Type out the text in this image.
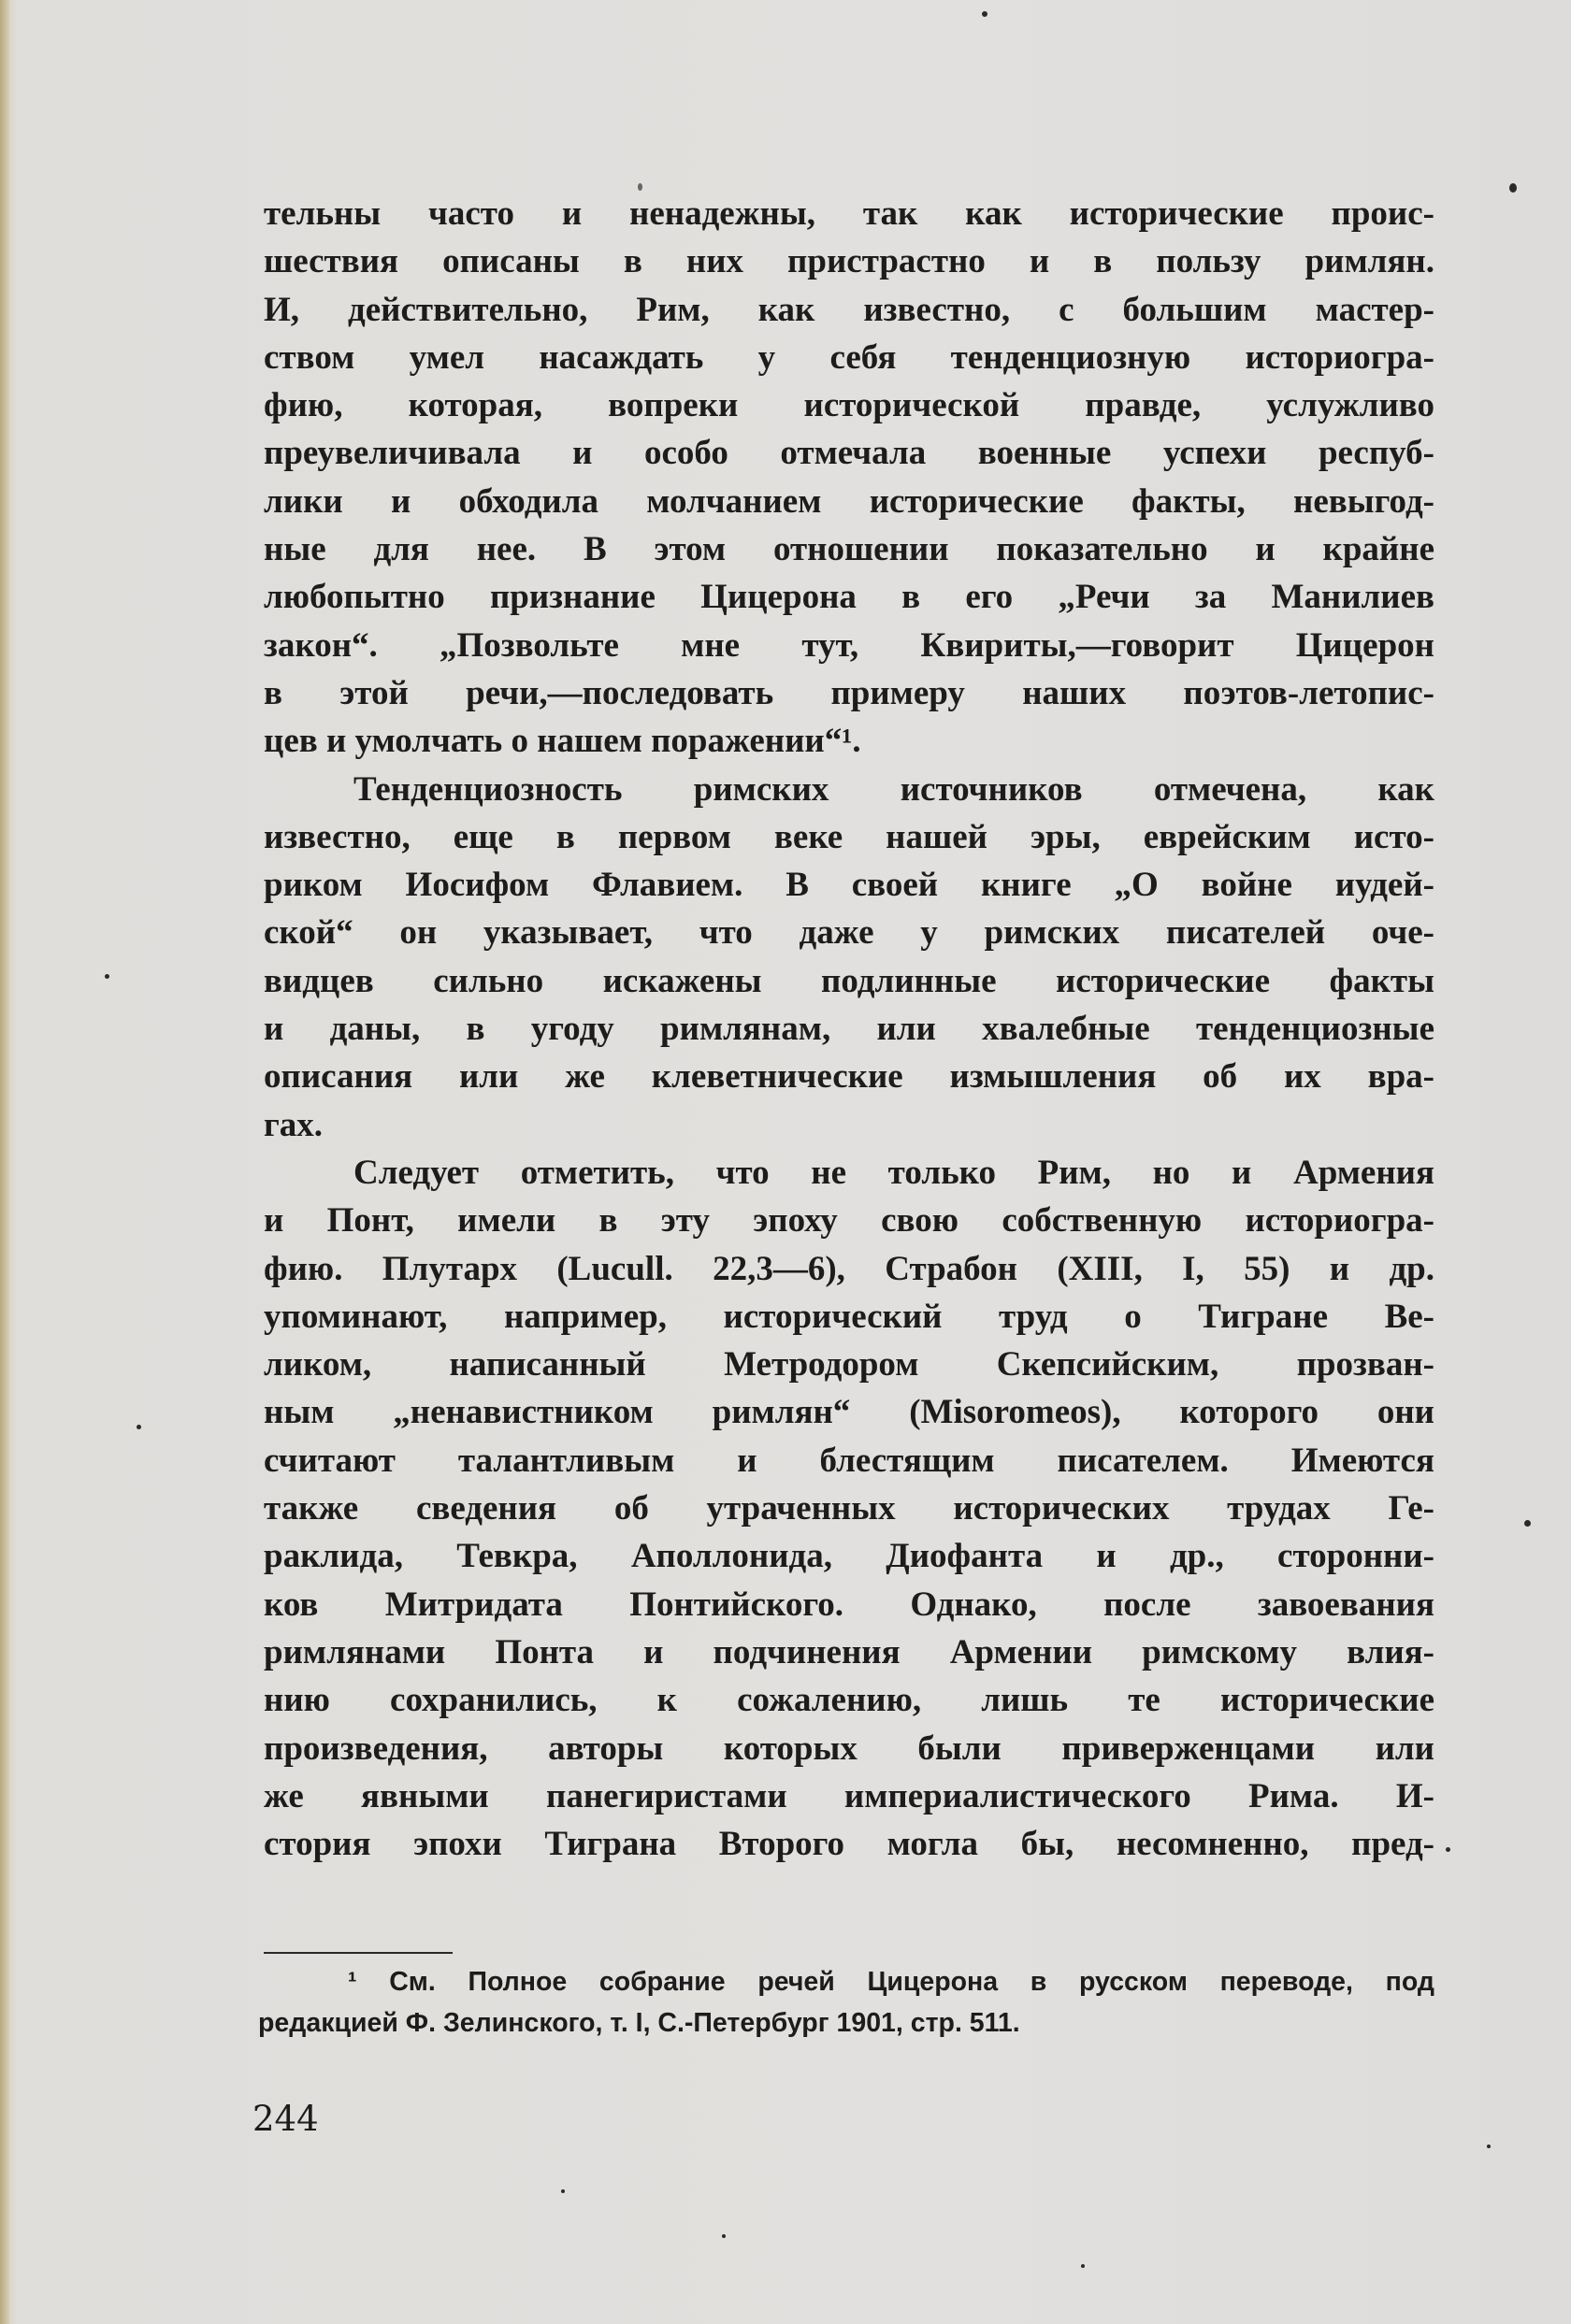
тельны часто и ненадежны, так как исторические проис-
шествия описаны в них пристрастно и в пользу римлян.
И, действительно, Рим, как известно, с большим мастер-
ством умел насаждать у себя тенденциозную историогра-
фию, которая, вопреки исторической правде, услужливо
преувеличивала и особо отмечала военные успехи респуб-
лики и обходила молчанием исторические факты, невыгод-
ные для нее. В этом отношении показательно и крайне
любопытно признание Цицерона в его „Речи за Манилиев
закон“. „Позвольте мне тут, Квириты,—говорит Цицерон
в этой речи,—последовать примеру наших поэтов-летопис-
цев и умолчать о нашем поражении“¹.
Тенденциозность римских источников отмечена, как
известно, еще в первом веке нашей эры, еврейским исто-
риком Иосифом Флавием. В своей книге „О войне иудей-
ской“ он указывает, что даже у римских писателей оче-
видцев сильно искажены подлинные исторические факты
и даны, в угоду римлянам, или хвалебные тенденциозные
описания или же клеветнические измышления об их вра-
гах.
Следует отметить, что не только Рим, но и Армения
и Понт, имели в эту эпоху свою собственную историогра-
фию. Плутарх (Lucull. 22,3—6), Страбон (XIII, I, 55) и др.
упоминают, например, исторический труд о Тигране Ве-
ликом, написанный Метродором Скепсийским, прозван-
ным „ненавистником римлян“ (Misoromeos), которого они
считают талантливым и блестящим писателем. Имеются
также сведения об утраченных исторических трудах Ге-
раклида, Тевкра, Аполлонида, Диофанта и др., сторонни-
ков Митридата Понтийского. Однако, после завоевания
римлянами Понта и подчинения Армении римскому влия-
нию сохранились, к сожалению, лишь те исторические
произведения, авторы которых были приверженцами или
же явными панегиристами империалистического Рима. И-
стория эпохи Тиграна Второго могла бы, несомненно, пред-
¹ См. Полное собрание речей Цицерона в русском переводе, под
редакцией Ф. Зелинского, т. I, С.-Петербург 1901, стр. 511.
244
